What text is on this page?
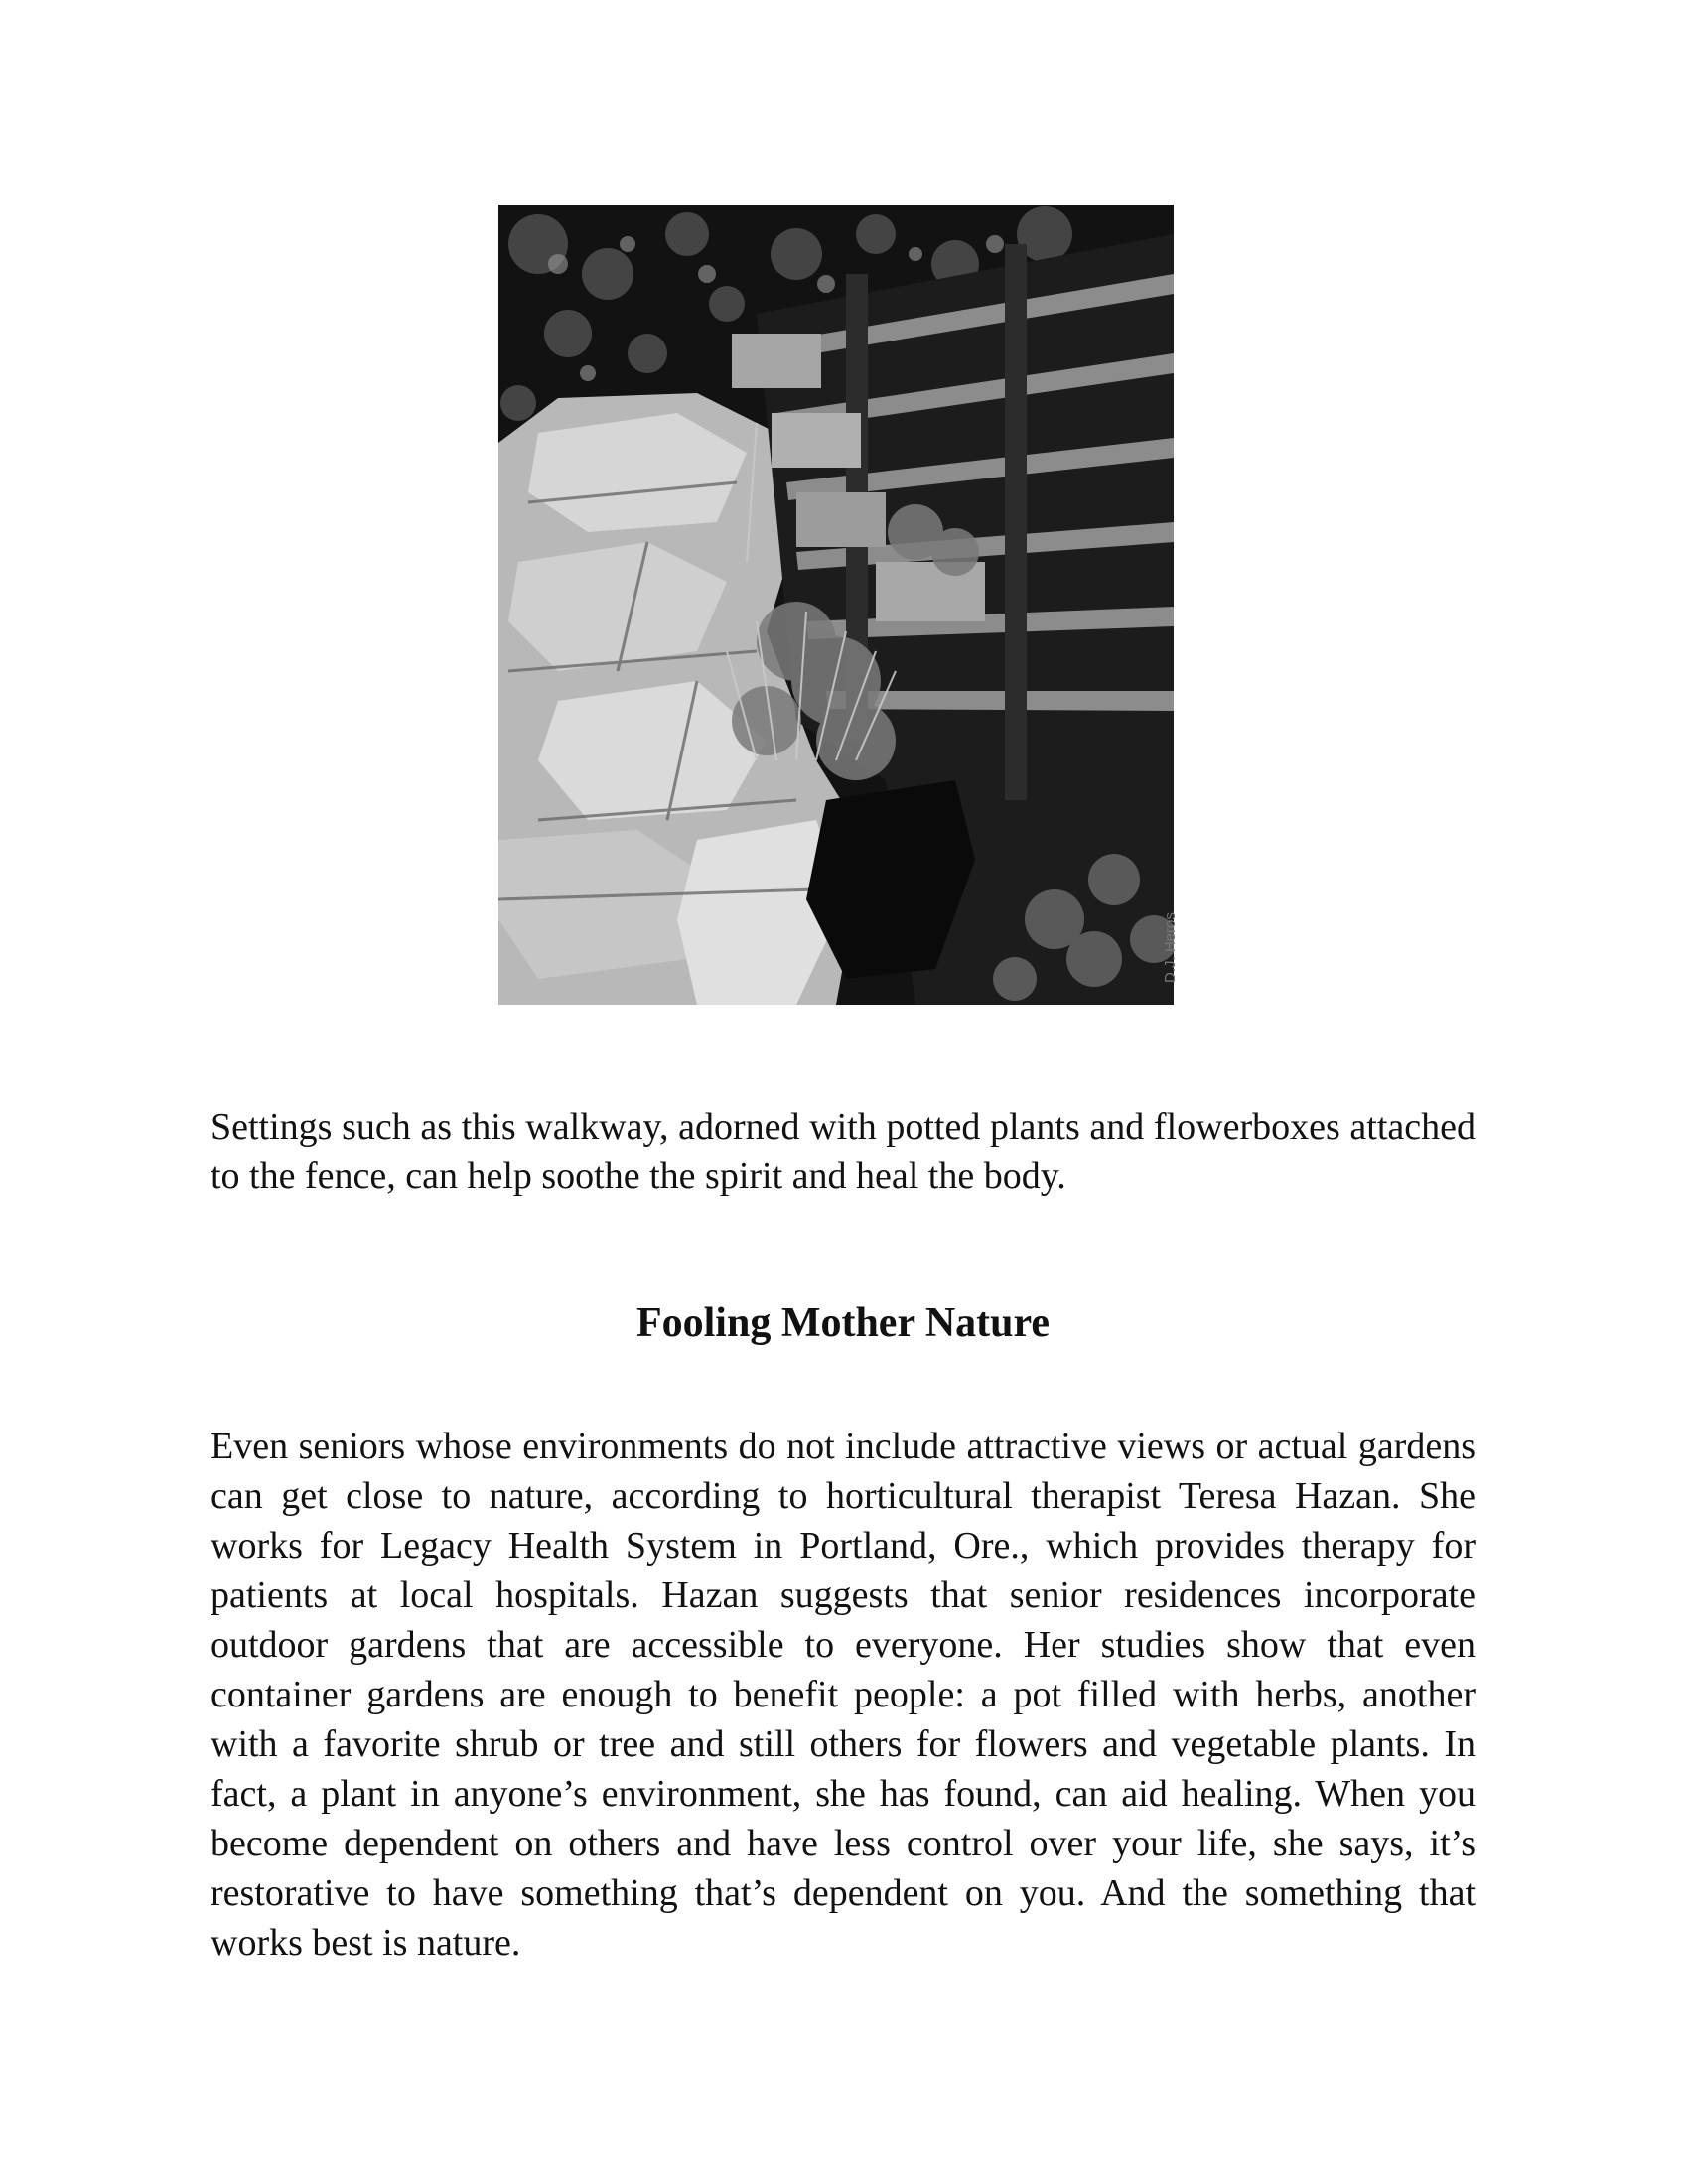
D.J. Heros

Settings such as this walkway, adorned with potted plants and flowerboxes attached to the fence, can help soothe the spirit and heal the body.

Fooling Mother Nature

Even seniors whose environments do not include attractive views or actual gardens can get close to nature, according to horticultural therapist Teresa Hazan. She works for Legacy Health System in Portland, Ore., which provides therapy for patients at local hospitals. Hazan suggests that senior residences incorporate outdoor gardens that are accessible to everyone. Her studies show that even container gardens are enough to benefit people: a pot filled with herbs, another with a favorite shrub or tree and still others for flowers and vegetable plants. In fact, a plant in anyone’s environment, she has found, can aid healing. When you become dependent on others and have less control over your life, she says, it’s restorative to have something that’s dependent on you. And the something that works best is nature.
